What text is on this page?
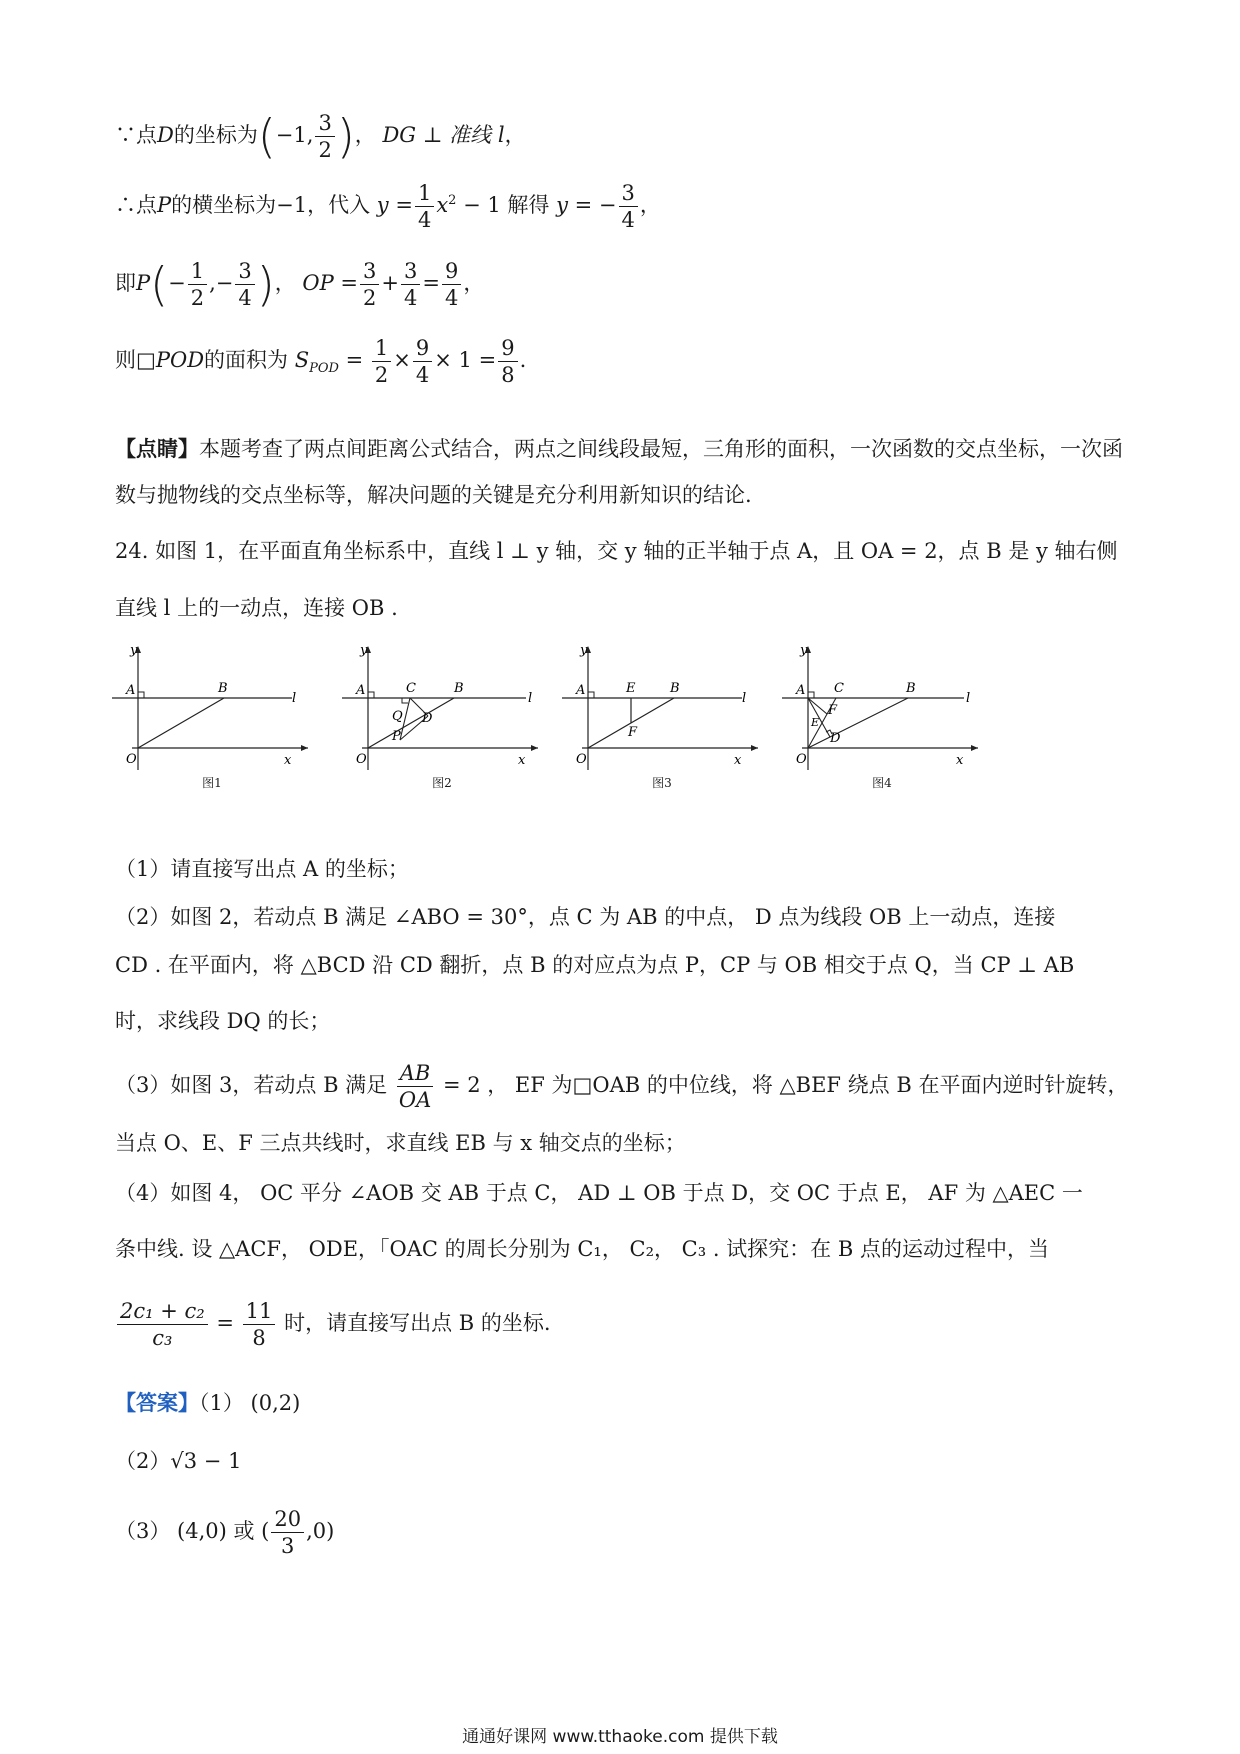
∵点D的坐标为(−1, $\frac{3}{2}$ )， DG ⊥ 准线 l，
∴点P的横坐标为−1，代入 $y = \frac{1}{4} x^2 - 1$ 解得 y = − $\frac{3}{4}$ ，
即$P(- \frac{1}{2}$ ,− $\frac{3}{4}$ )， OP = $\frac{3}{2} + \frac{3}{4} = \frac{9}{4}$ ，
则□POD的面积为 $S_{POD} = \frac{1}{2} \times \frac{9}{4} \times 1 = \frac{9}{8}$ .
【点睛】本题考查了两点间距离公式结合，两点之间线段最短，三角形的面积，一次函数的交点坐标，一次函数与抛物线的交点坐标等，解决问题的关键是充分利用新知识的结论.
24. 如图 1，在平面直角坐标系中，直线 l ⊥ y 轴，交 y 轴的正半轴于点 A，且 OA = 2，点 B 是 y 轴右侧
直线 l 上的一动点，连接 OB .
y
A	B
l
O	x
图1
y
A	C	B
l
Q D
P
O	x
图2
y
A	E	B
l
F
O	x
图3
y
A C	B
l
F
E
D
O	x
图4
（1）请直接写出点 A 的坐标；
（2）如图 2，若动点 B 满足 ∠ABO = 30°，点 C 为 AB 的中点， D 点为线段 OB 上一动点，连接
CD . 在平面内，将 △BCD 沿 CD 翻折，点 B 的对应点为点 P，CP 与 OB 相交于点 Q，当 CP ⊥ AB
时，求线段 DQ 的长；
（3）如图 3，若动点 B 满足 $\frac{AB}{OA} = 2$ ， EF 为□OAB 的中位线，将 △BEF 绕点 B 在平面内逆时针旋转，
当点 O、E、F 三点共线时，求直线 EB 与 x 轴交点的坐标；
（4）如图 4， OC 平分 ∠AOB 交 AB 于点 C， AD ⊥ OB 于点 D，交 OC 于点 E， AF 为 △AEC 一
条中线. 设 △ACF， ODE，「OAC 的周长分别为 C₁， C₂， C₃ . 试探究：在 B 点的运动过程中，当
$\frac{\text{2c₁ + c₂}}{\text{c₃}} = \frac{11}{8}$ 时，请直接写出点 B 的坐标.
【答案】（1） (0,2)
（2）√3 − 1
（3） (4,0) 或 ( $\frac{20}{3} ,0$)
通通好课网 www.tthaoke.com 提供下载
